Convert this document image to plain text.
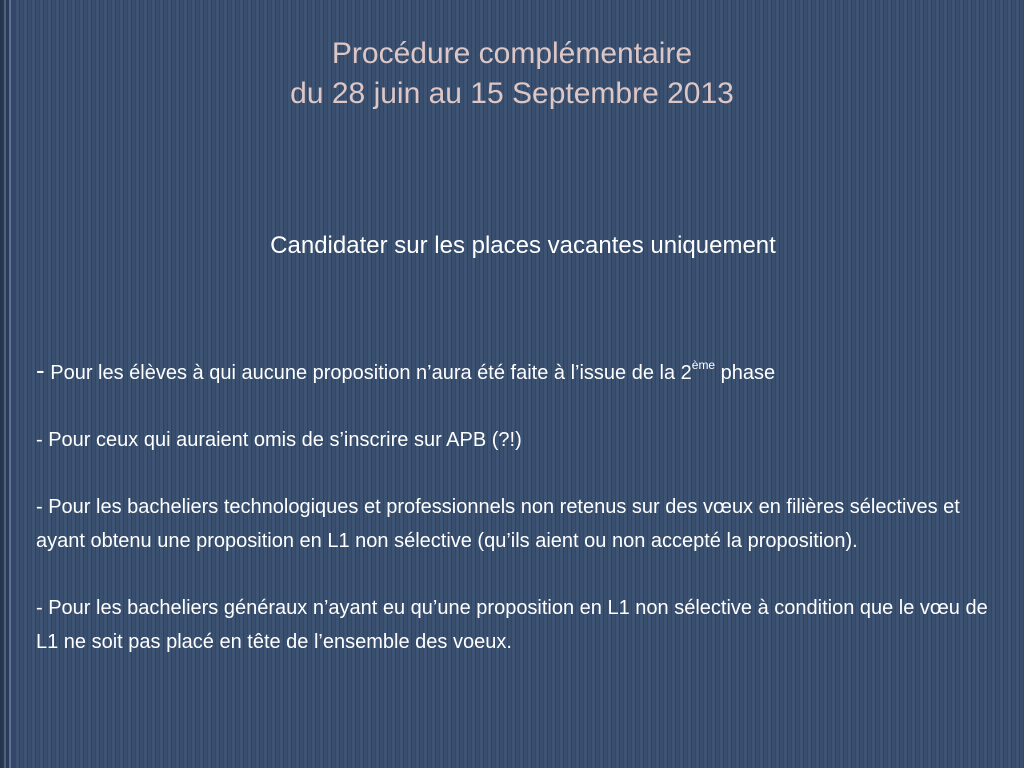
Procédure complémentaire
du 28 juin au 15 Septembre 2013
Candidater sur les places vacantes uniquement

- Pour les élèves à qui aucune proposition n’aura été faite à l’issue de la 2ème phase

- Pour ceux qui auraient omis de s’inscrire sur APB (?!)

- Pour les bacheliers technologiques et professionnels non retenus sur des vœux en filières sélectives et ayant obtenu une proposition en L1 non sélective (qu’ils aient ou non accepté la proposition).

- Pour les bacheliers généraux n’ayant eu qu’une proposition en L1 non sélective à condition que le vœu de L1 ne soit pas placé en tête de l’ensemble des voeux.
